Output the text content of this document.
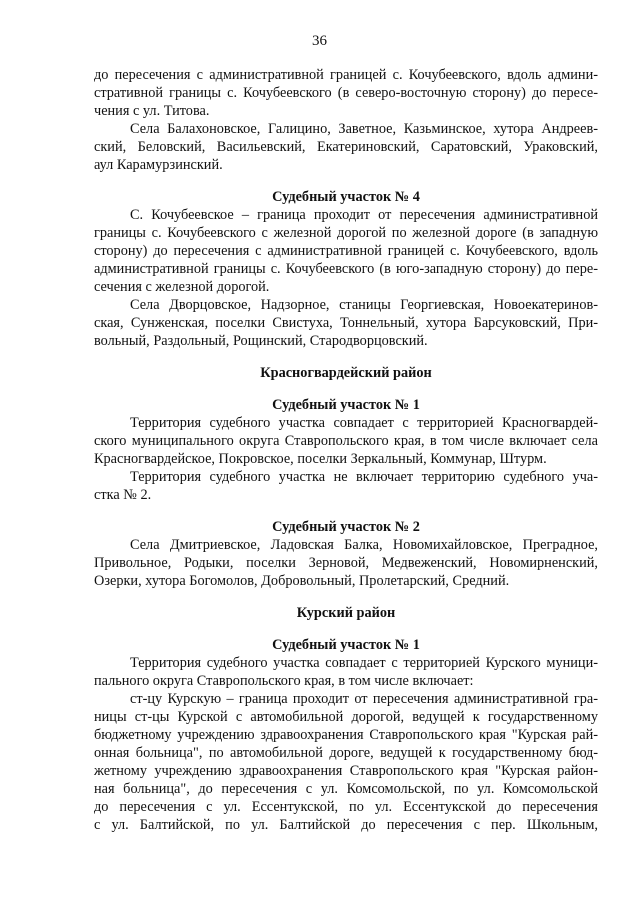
36

до пересечения с административной границей с. Кочубеевского, вдоль админи-
стративной границы с. Кочубеевского (в северо-восточную сторону) до пересе-
чения с ул. Титова.

Села Балахоновское, Галицино, Заветное, Казьминское, хутора Андреев-
ский, Беловский, Васильевский, Екатериновский, Саратовский, Ураковский,
аул Карамурзинский.

Судебный участок № 4

С. Кочубеевское – граница проходит от пересечения административной
границы с. Кочубеевского с железной дорогой по железной дороге (в западную
сторону) до пересечения с административной границей с. Кочубеевского, вдоль
административной границы с. Кочубеевского (в юго-западную сторону) до пере-
сечения с железной дорогой.

Села Дворцовское, Надзорное, станицы Георгиевская, Новоекатеринов-
ская, Сунженская, поселки Свистуха, Тоннельный, хутора Барсуковский, При-
вольный, Раздольный, Рощинский, Стародворцовский.

Красногвардейский район
Судебный участок № 1

Территория судебного участка совпадает с территорией Красногвардей-
ского муниципального округа Ставропольского края, в том числе включает села
Красногвардейское, Покровское, поселки Зеркальный, Коммунар, Штурм.

Территория судебного участка не включает территорию судебного уча-
стка № 2.

Судебный участок № 2

Села Дмитриевское, Ладовская Балка, Новомихайловское, Преградное,
Привольное, Родыки, поселки Зерновой, Медвеженский, Новомирненский,
Озерки, хутора Богомолов, Добровольный, Пролетарский, Средний.

Курский район
Судебный участок № 1

Территория судебного участка совпадает с территорией Курского муници-
пального округа Ставропольского края, в том числе включает:

ст-цу Курскую – граница проходит от пересечения административной гра-
ницы ст-цы Курской с автомобильной дорогой, ведущей к государственному
бюджетному учреждению здравоохранения Ставропольского края "Курская рай-
онная больница", по автомобильной дороге, ведущей к государственному бюд-
жетному учреждению здравоохранения Ставропольского края "Курская район-
ная больница", до пересечения с ул. Комсомольской, по ул. Комсомольской
до пересечения с ул. Ессентукской, по ул. Ессентукской до пересечения
с ул. Балтийской, по ул. Балтийской до пересечения с пер. Школьным,
